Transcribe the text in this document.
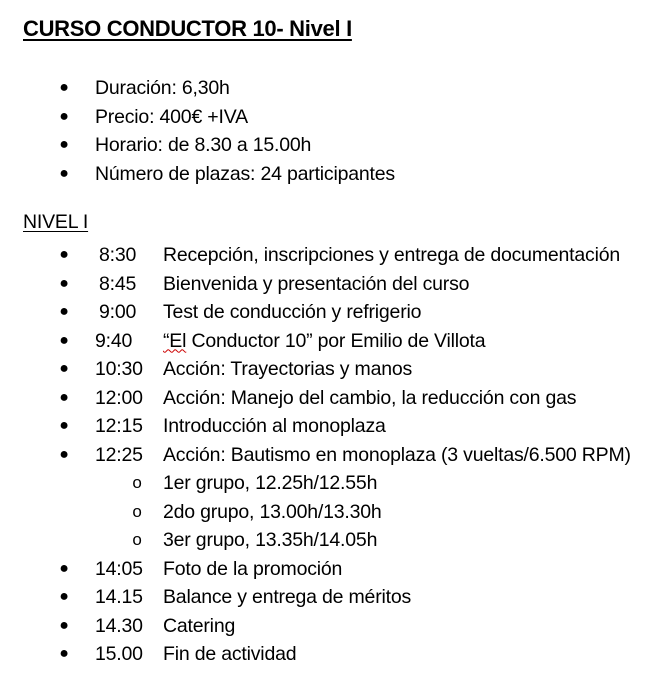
CURSO CONDUCTOR 10- Nivel I
● Duración: 6,30h
● Precio: 400€ +IVA
● Horario: de 8.30 a 15.00h
● Número de plazas: 24 participantes
NIVEL I
● 8:30 Recepción, inscripciones y entrega de documentación
● 8:45 Bienvenida y presentación del curso
● 9:00 Test de conducción y refrigerio
● 9:40 “El Conductor 10” por Emilio de Villota
● 10:30 Acción: Trayectorias y manos
● 12:00 Acción: Manejo del cambio, la reducción con gas
● 12:15 Introducción al monoplaza
● 12:25 Acción: Bautismo en monoplaza (3 vueltas/6.500 RPM)
o 1er grupo, 12.25h/12.55h
o 2do grupo, 13.00h/13.30h
o 3er grupo, 13.35h/14.05h
● 14:05 Foto de la promoción
● 14.15 Balance y entrega de méritos
● 14.30 Catering
● 15.00 Fin de actividad
